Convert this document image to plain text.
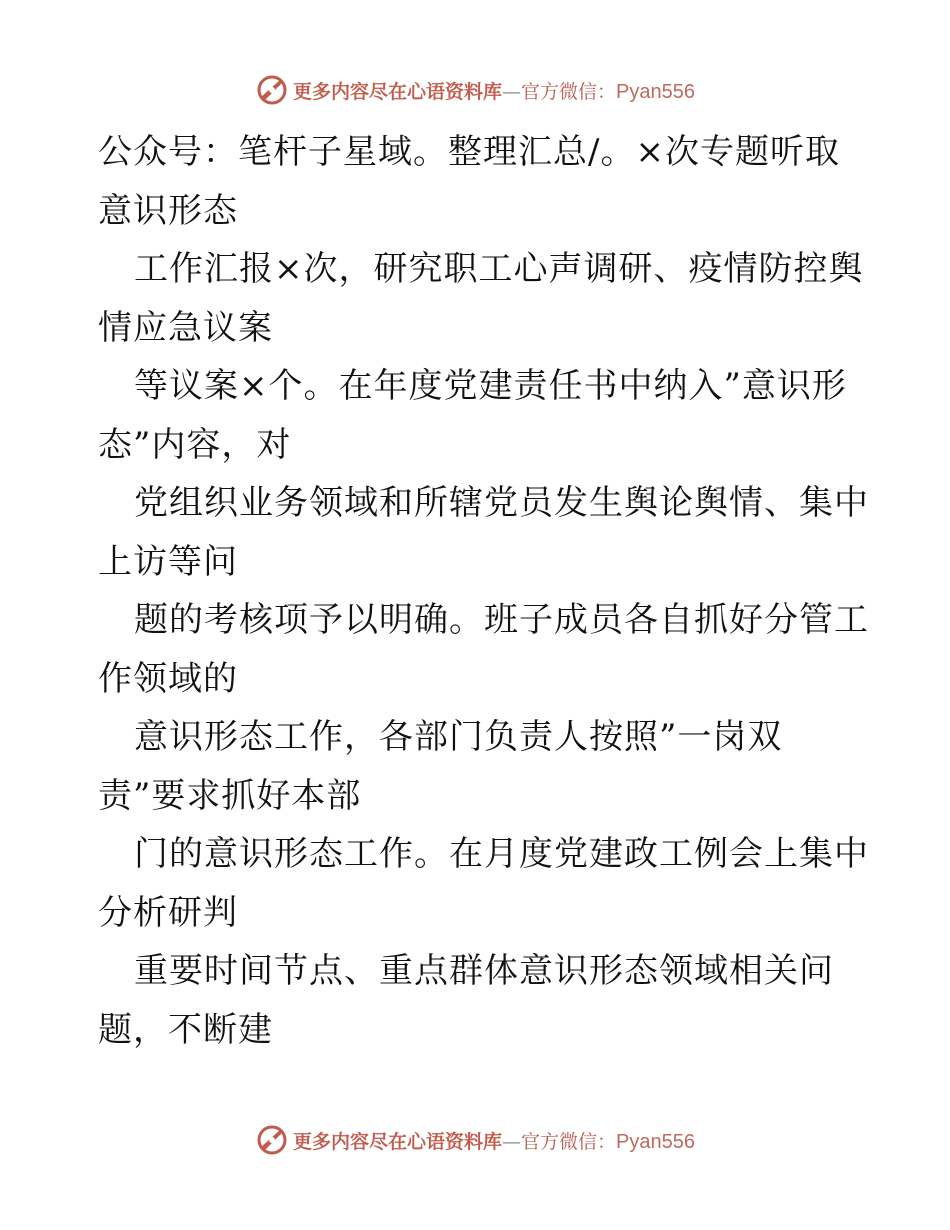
更多内容尽在心语资料库—官方微信：Pyan556
公众号：笔杆子星域。整理汇总/。×次专题听取
意识形态
工作汇报×次，研究职工心声调研、疫情防控舆
情应急议案
等议案×个。在年度党建责任书中纳入”意识形
态”内容，对
党组织业务领域和所辖党员发生舆论舆情、集中
上访等问
题的考核项予以明确。班子成员各自抓好分管工
作领域的
意识形态工作，各部门负责人按照”一岗双
责”要求抓好本部
门的意识形态工作。在月度党建政工例会上集中
分析研判
重要时间节点、重点群体意识形态领域相关问
题，不断建
更多内容尽在心语资料库—官方微信：Pyan556
